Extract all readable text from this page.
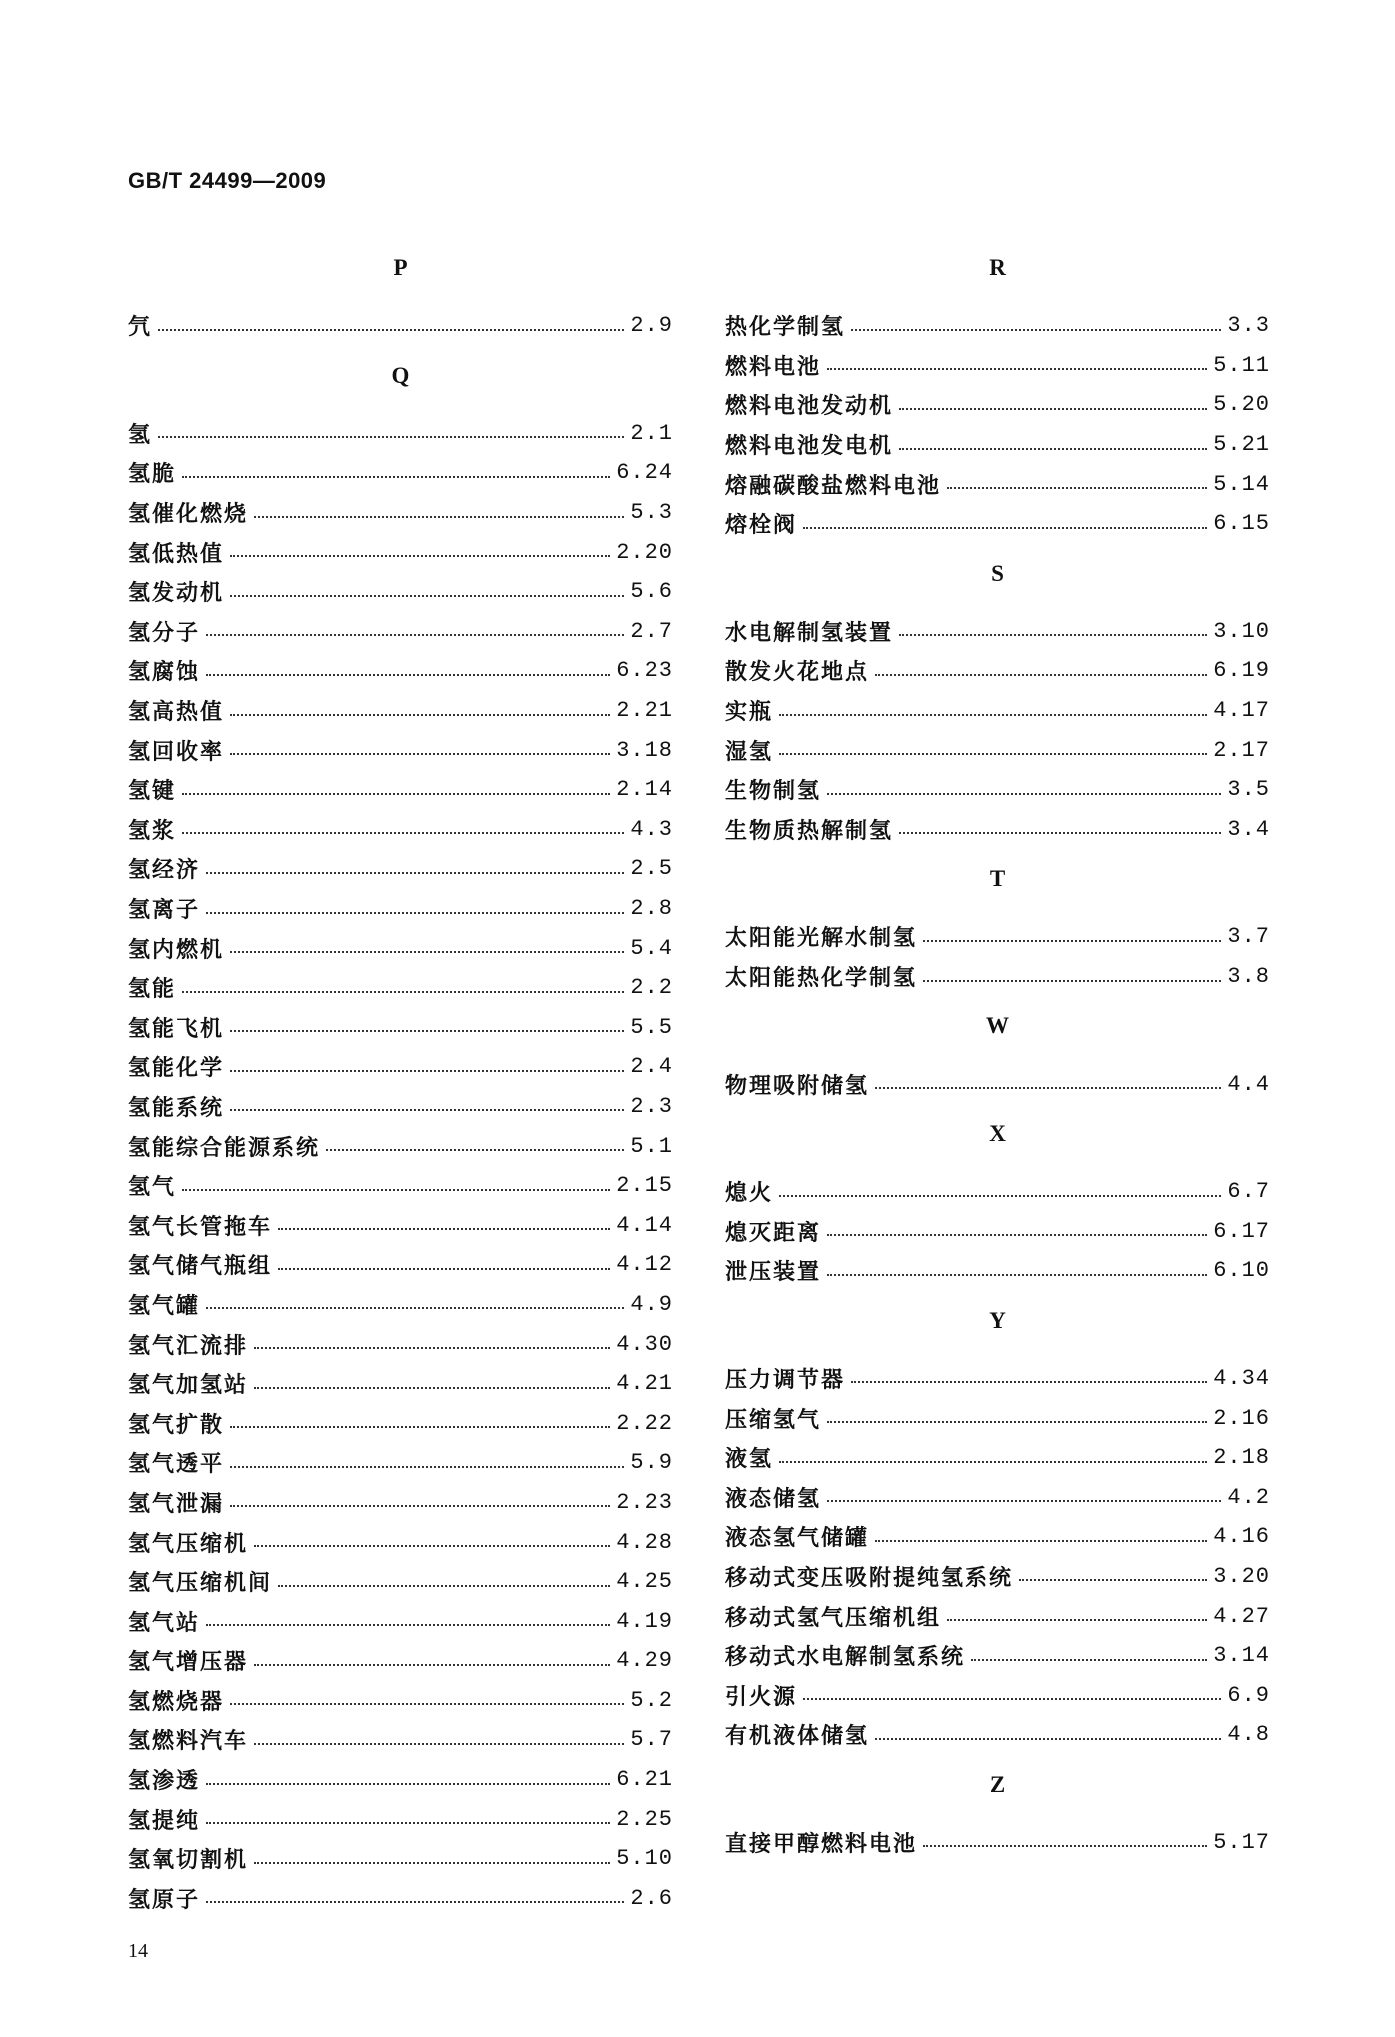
GB/T 24499—2009
P
氕	2.9
Q
氢	2.1
氢脆	6.24
氢催化燃烧	5.3
氢低热值	2.20
氢发动机	5.6
氢分子	2.7
氢腐蚀	6.23
氢高热值	2.21
氢回收率	3.18
氢键	2.14
氢浆	4.3
氢经济	2.5
氢离子	2.8
氢内燃机	5.4
氢能	2.2
氢能飞机	5.5
氢能化学	2.4
氢能系统	2.3
氢能综合能源系统	5.1
氢气	2.15
氢气长管拖车	4.14
氢气储气瓶组	4.12
氢气罐	4.9
氢气汇流排	4.30
氢气加氢站	4.21
氢气扩散	2.22
氢气透平	5.9
氢气泄漏	2.23
氢气压缩机	4.28
氢气压缩机间	4.25
氢气站	4.19
氢气增压器	4.29
氢燃烧器	5.2
氢燃料汽车	5.7
氢渗透	6.21
氢提纯	2.25
氢氧切割机	5.10
氢原子	2.6
R
热化学制氢	3.3
燃料电池	5.11
燃料电池发动机	5.20
燃料电池发电机	5.21
熔融碳酸盐燃料电池	5.14
熔栓阀	6.15
S
水电解制氢装置	3.10
散发火花地点	6.19
实瓶	4.17
湿氢	2.17
生物制氢	3.5
生物质热解制氢	3.4
T
太阳能光解水制氢	3.7
太阳能热化学制氢	3.8
W
物理吸附储氢	4.4
X
熄火	6.7
熄灭距离	6.17
泄压装置	6.10
Y
压力调节器	4.34
压缩氢气	2.16
液氢	2.18
液态储氢	4.2
液态氢气储罐	4.16
移动式变压吸附提纯氢系统	3.20
移动式氢气压缩机组	4.27
移动式水电解制氢系统	3.14
引火源	6.9
有机液体储氢	4.8
Z
直接甲醇燃料电池	5.17
14
